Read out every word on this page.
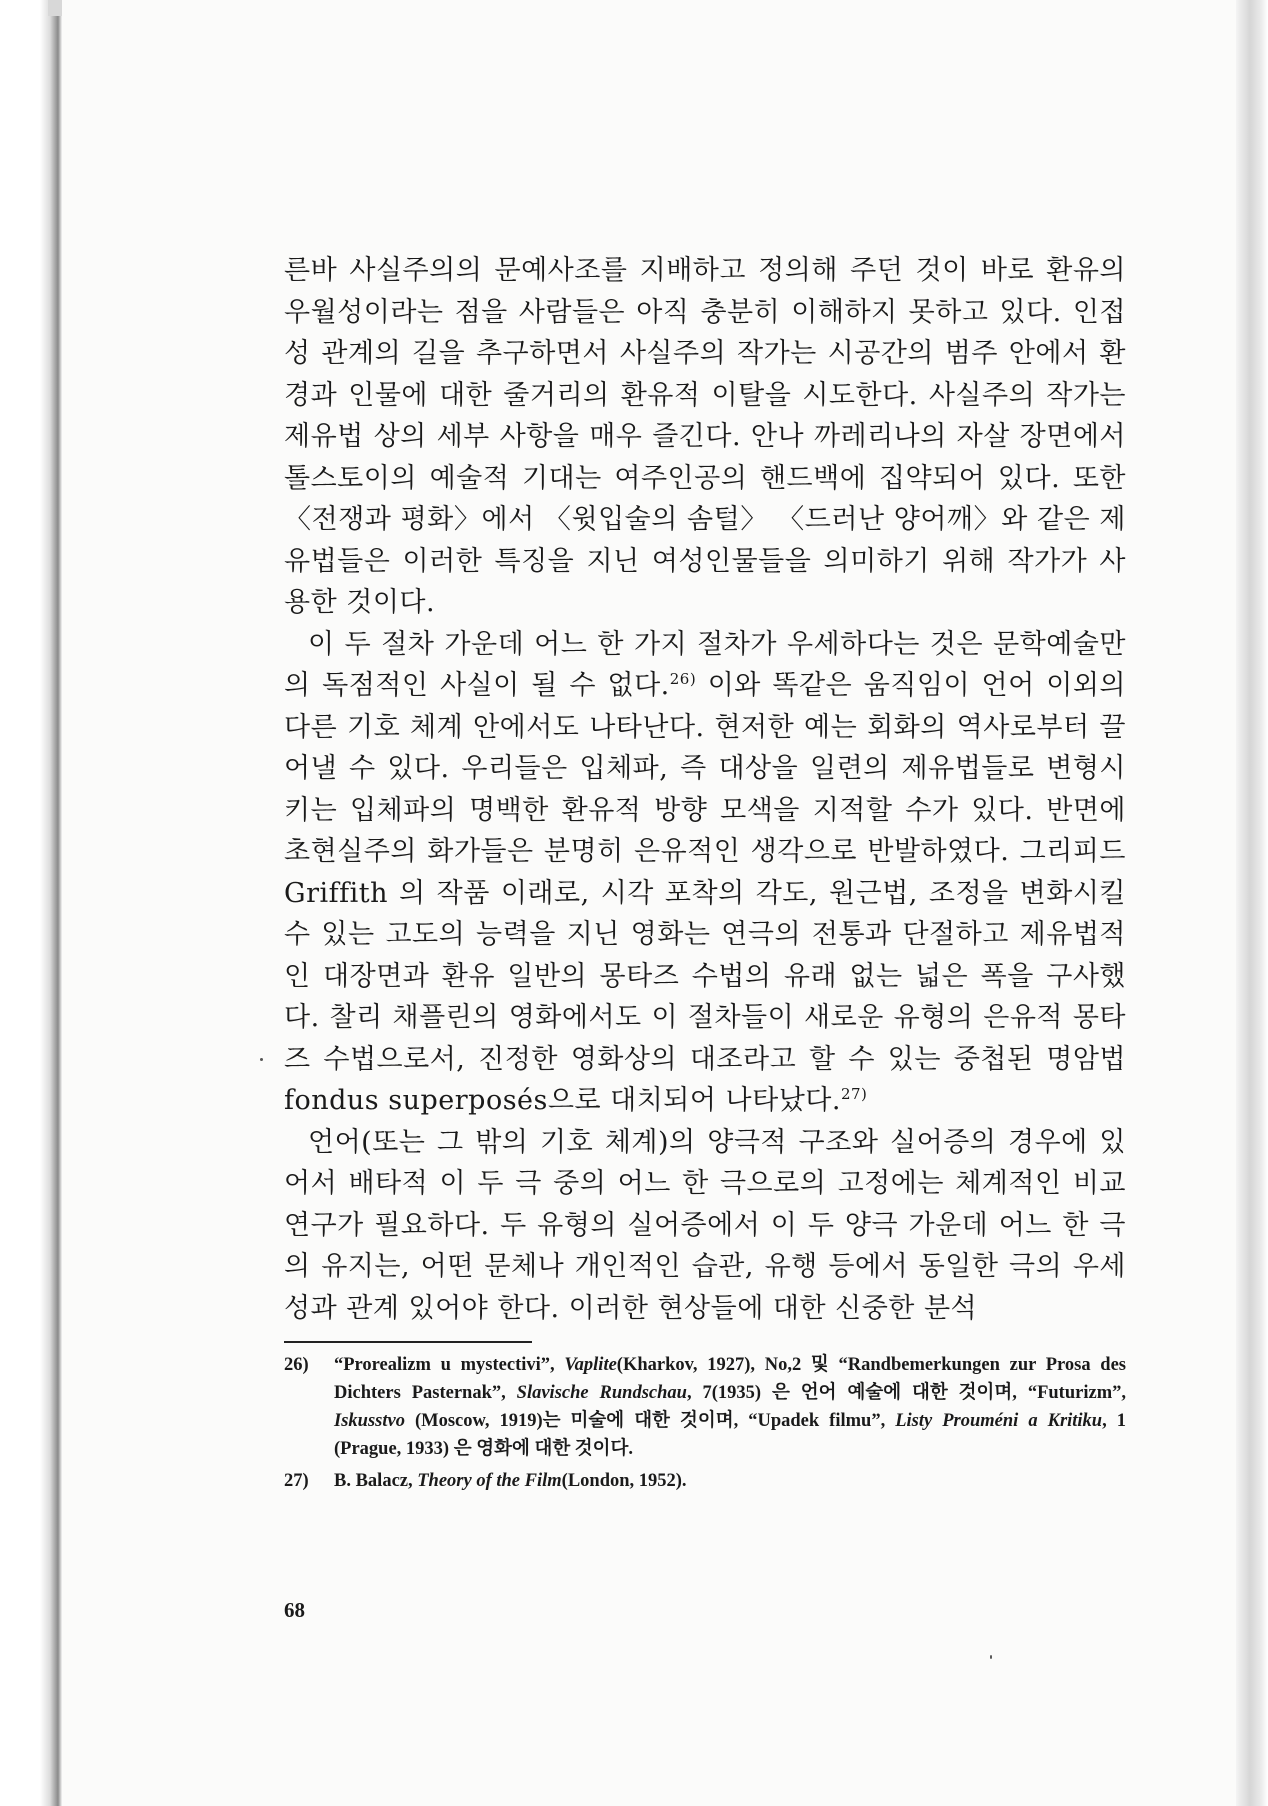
른바 사실주의의 문예사조를 지배하고 정의해 주던 것이 바로 환유의 우월성이라는 점을 사람들은 아직 충분히 이해하지 못하고 있다. 인접성 관계의 길을 추구하면서 사실주의 작가는 시공간의 범주 안에서 환경과 인물에 대한 줄거리의 환유적 이탈을 시도한다. 사실주의 작가는 제유법 상의 세부 사항을 매우 즐긴다. 안나 까레리나의 자살 장면에서 톨스토이의 예술적 기대는 여주인공의 핸드백에 집약되어 있다. 또한 〈전쟁과 평화〉에서 〈윗입술의 솜털〉 〈드러난 양어깨〉와 같은 제유법들은 이러한 특징을 지닌 여성인물들을 의미하기 위해 작가가 사용한 것이다.

이 두 절차 가운데 어느 한 가지 절차가 우세하다는 것은 문학예술만의 독점적인 사실이 될 수 없다.$^{26)}$ 이와 똑같은 움직임이 언어 이외의 다른 기호 체계 안에서도 나타난다. 현저한 예는 회화의 역사로부터 끌어낼 수 있다. 우리들은 입체파, 즉 대상을 일련의 제유법들로 변형시키는 입체파의 명백한 환유적 방향 모색을 지적할 수가 있다. 반면에 초현실주의 화가들은 분명히 은유적인 생각으로 반발하였다. 그리피드 Griffith 의 작품 이래로, 시각 포착의 각도, 원근법, 조정을 변화시킬 수 있는 고도의 능력을 지닌 영화는 연극의 전통과 단절하고 제유법적인 대장면과 환유 일반의 몽타즈 수법의 유래 없는 넓은 폭을 구사했다. 찰리 채플린의 영화에서도 이 절차들이 새로운 유형의 은유적 몽타즈 수법으로서, 진정한 영화상의 대조라고 할 수 있는 중첩된 명암법 fondus superposés으로 대치되어 나타났다.$^{27)}$

언어(또는 그 밖의 기호 체계)의 양극적 구조와 실어증의 경우에 있어서 배타적 이 두 극 중의 어느 한 극으로의 고정에는 체계적인 비교연구가 필요하다. 두 유형의 실어증에서 이 두 양극 가운데 어느 한 극의 유지는, 어떤 문체나 개인적인 습관, 유행 등에서 동일한 극의 우세성과 관계 있어야 한다. 이러한 현상들에 대한 신중한 분석

26)	“Prorealizm u mystectivi”, Vaplite(Kharkov, 1927), No,2 및 “Randbemerkungen zur Prosa des Dichters Pasternak”, Slavische Rundschau, 7(1935) 은 언어 예술에 대한 것이며, “Futurizm”, Iskusstvo (Moscow, 1919)는 미술에 대한 것이며, “Upadek filmu”, Listy Prouméni a Kritiku, 1 (Prague, 1933) 은 영화에 대한 것이다.
27)	B. Balacz, Theory of the Film(London, 1952).
68
